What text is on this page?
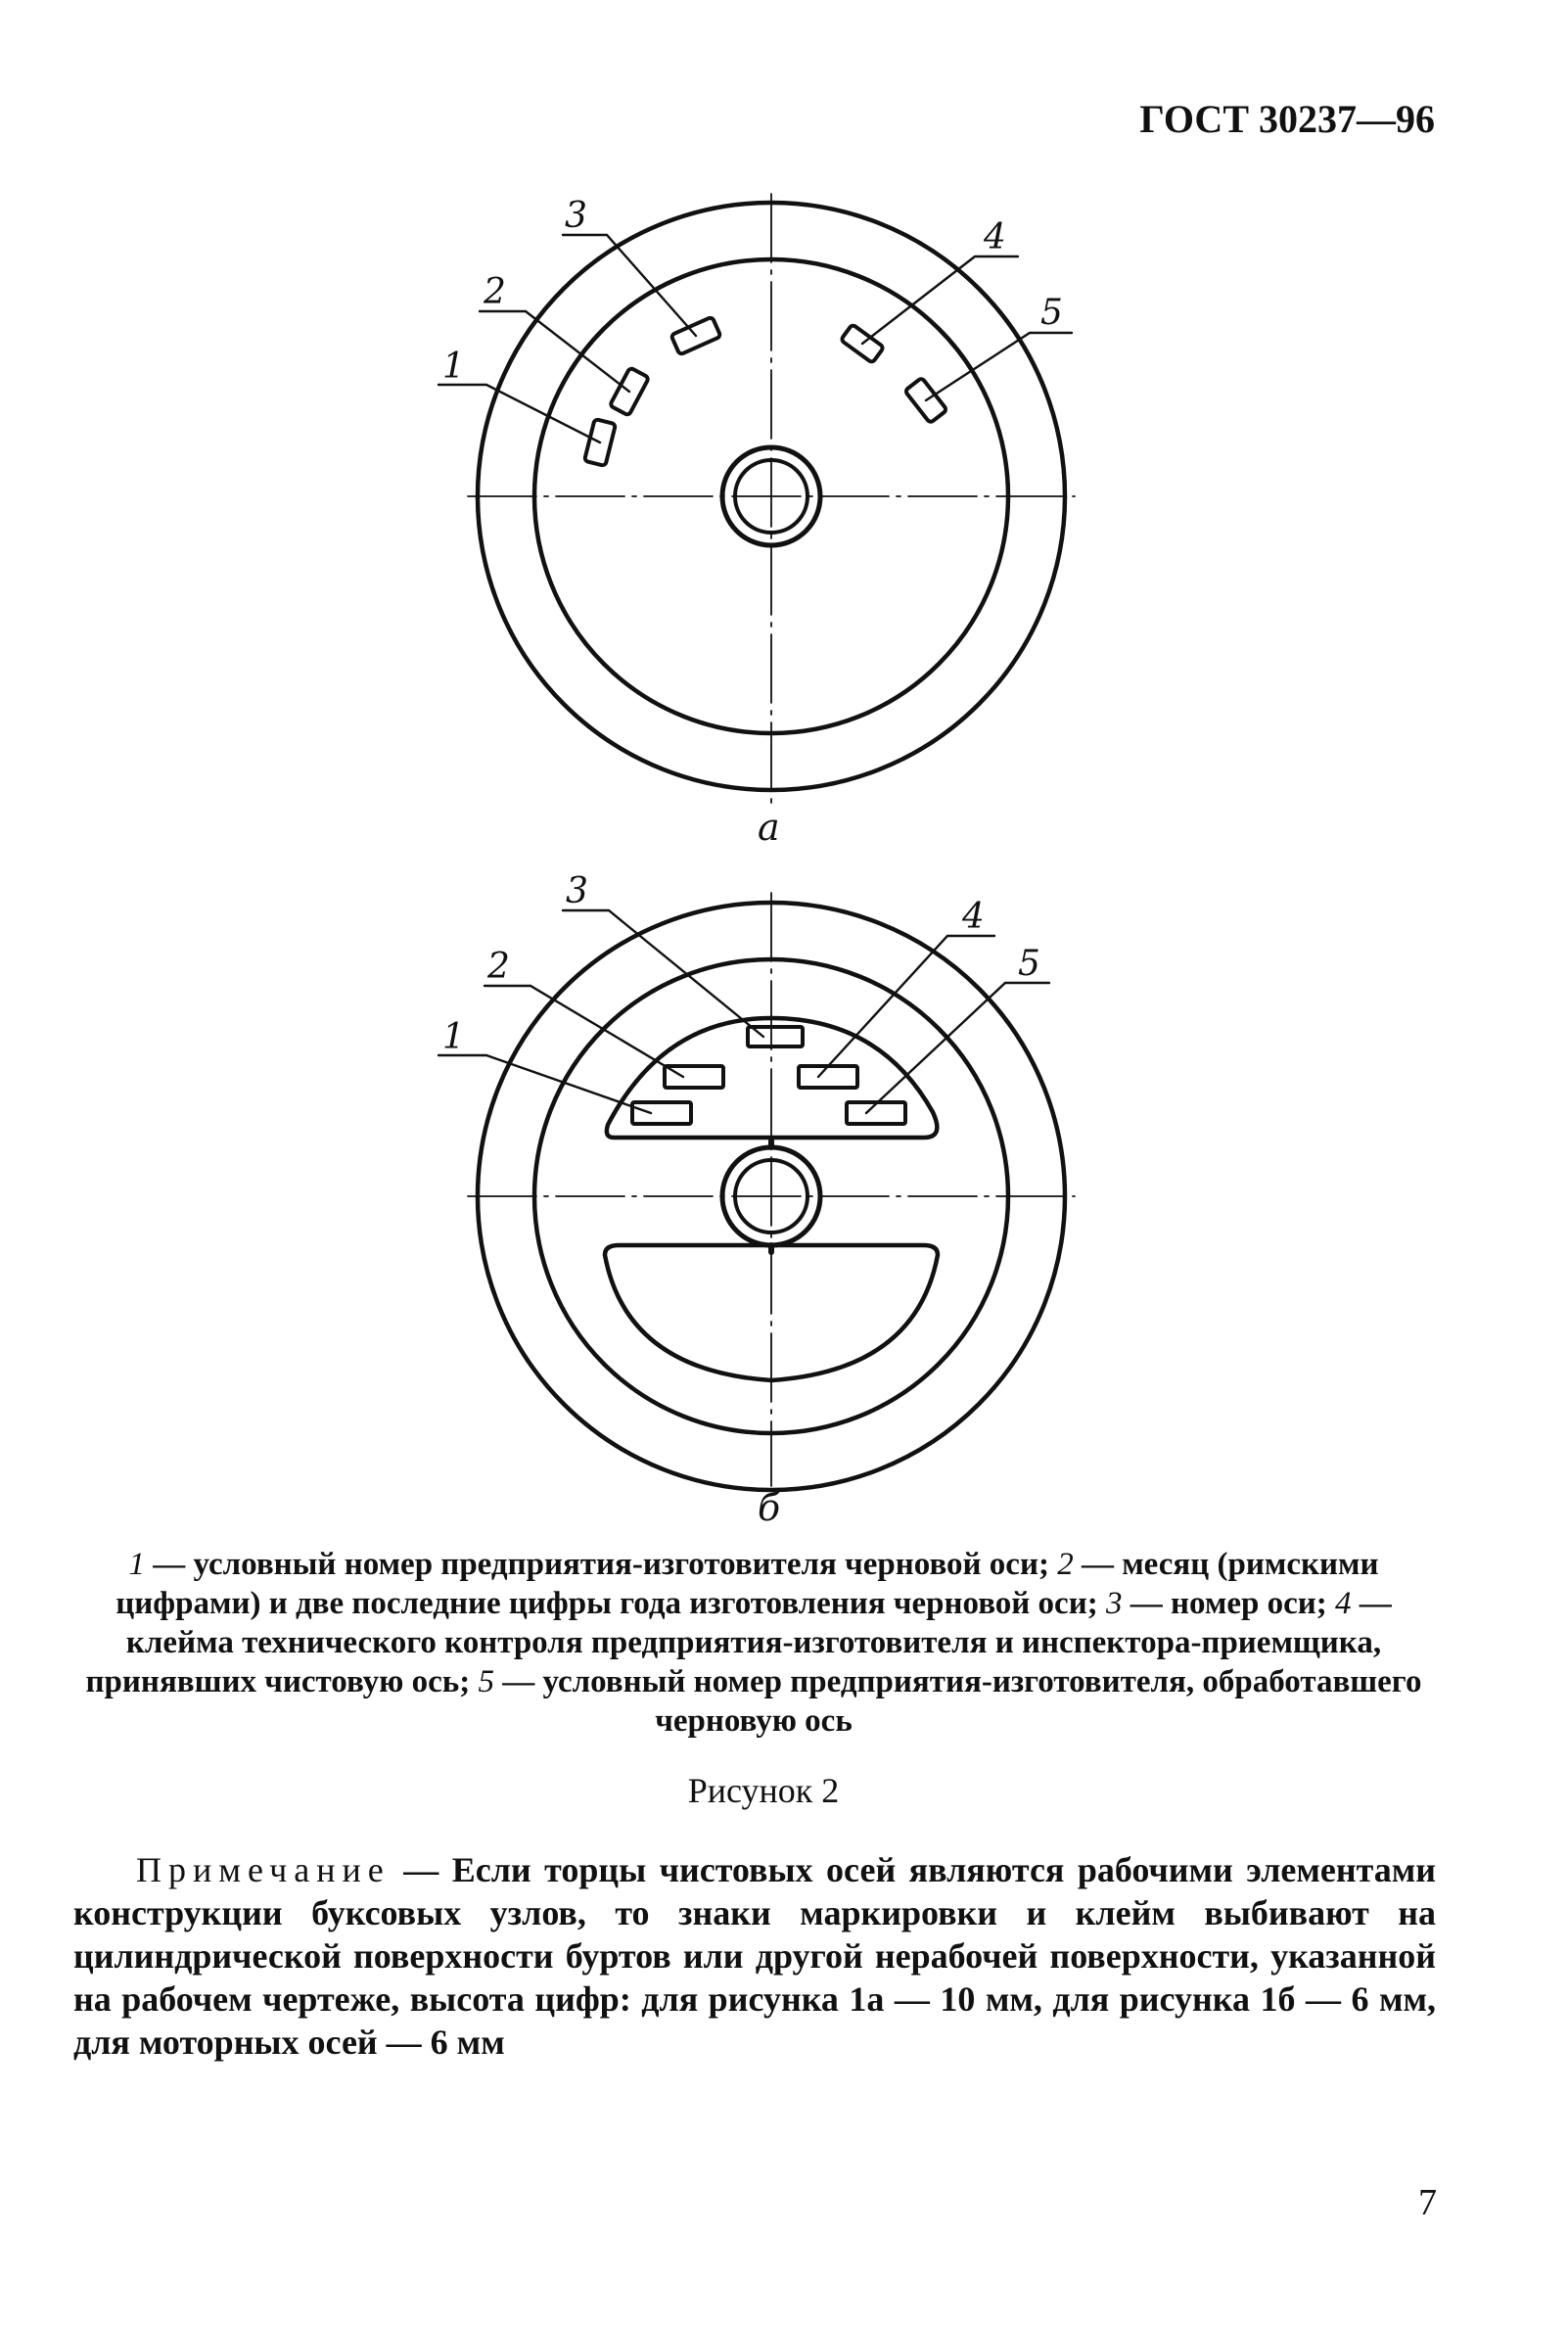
ГОСТ 30237—96
1
2
3
4
5
а
1
2
3
4
5
б
1 — условный номер предприятия-изготовителя черновой оси; 2 — месяц (римскими цифрами) и две последние цифры года изготовления черновой оси; 3 — номер оси; 4 — клейма технического контроля предприятия-изготовителя и инспектора-приемщика, принявших чистовую ось; 5 — условный номер предприятия-изготовителя, обработавшего черновую ось
Рисунок 2

Примечание — Если торцы чистовых осей являются рабочими элементами конструкции буксовых узлов, то знаки маркировки и клейм выбивают на цилиндрической поверхности буртов или другой нерабочей поверхности, указанной на рабочем чертеже, высота цифр: для рисунка 1а — 10 мм, для рисунка 1б — 6 мм, для моторных осей — 6 мм

7
